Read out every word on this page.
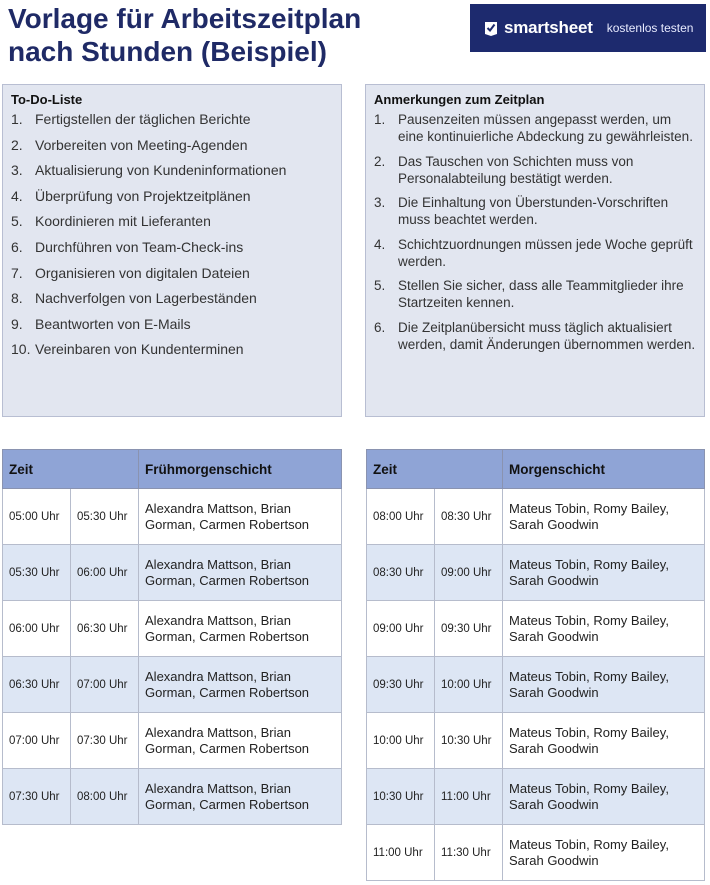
Vorlage für Arbeitszeitplan
nach Stunden (Beispiel)
smartsheet kostenlos testen
To-Do-Liste
1. Fertigstellen der täglichen Berichte
2. Vorbereiten von Meeting-Agenden
3. Aktualisierung von Kundeninformationen
4. Überprüfung von Projektzeitplänen
5. Koordinieren mit Lieferanten
6. Durchführen von Team-Check-ins
7. Organisieren von digitalen Dateien
8. Nachverfolgen von Lagerbeständen
9. Beantworten von E-Mails
10. Vereinbaren von Kundenterminen
Anmerkungen zum Zeitplan
1. Pausenzeiten müssen angepasst werden, um eine kontinuierliche Abdeckung zu gewährleisten.
2. Das Tauschen von Schichten muss von Personalabteilung bestätigt werden.
3. Die Einhaltung von Überstunden-Vorschriften muss beachtet werden.
4. Schichtzuordnungen müssen jede Woche geprüft werden.
5. Stellen Sie sicher, dass alle Teammitglieder ihre Startzeiten kennen.
6. Die Zeitplanübersicht muss täglich aktualisiert werden, damit Änderungen übernommen werden.
Zeit		Frühmorgenschicht
05:00 Uhr	05:30 Uhr	Alexandra Mattson, Brian Gorman, Carmen Robertson
05:30 Uhr	06:00 Uhr	Alexandra Mattson, Brian Gorman, Carmen Robertson
06:00 Uhr	06:30 Uhr	Alexandra Mattson, Brian Gorman, Carmen Robertson
06:30 Uhr	07:00 Uhr	Alexandra Mattson, Brian Gorman, Carmen Robertson
07:00 Uhr	07:30 Uhr	Alexandra Mattson, Brian Gorman, Carmen Robertson
07:30 Uhr	08:00 Uhr	Alexandra Mattson, Brian Gorman, Carmen Robertson
Zeit		Morgenschicht
08:00 Uhr	08:30 Uhr	Mateus Tobin, Romy Bailey, Sarah Goodwin
08:30 Uhr	09:00 Uhr	Mateus Tobin, Romy Bailey, Sarah Goodwin
09:00 Uhr	09:30 Uhr	Mateus Tobin, Romy Bailey, Sarah Goodwin
09:30 Uhr	10:00 Uhr	Mateus Tobin, Romy Bailey, Sarah Goodwin
10:00 Uhr	10:30 Uhr	Mateus Tobin, Romy Bailey, Sarah Goodwin
10:30 Uhr	11:00 Uhr	Mateus Tobin, Romy Bailey, Sarah Goodwin
11:00 Uhr	11:30 Uhr	Mateus Tobin, Romy Bailey, Sarah Goodwin
